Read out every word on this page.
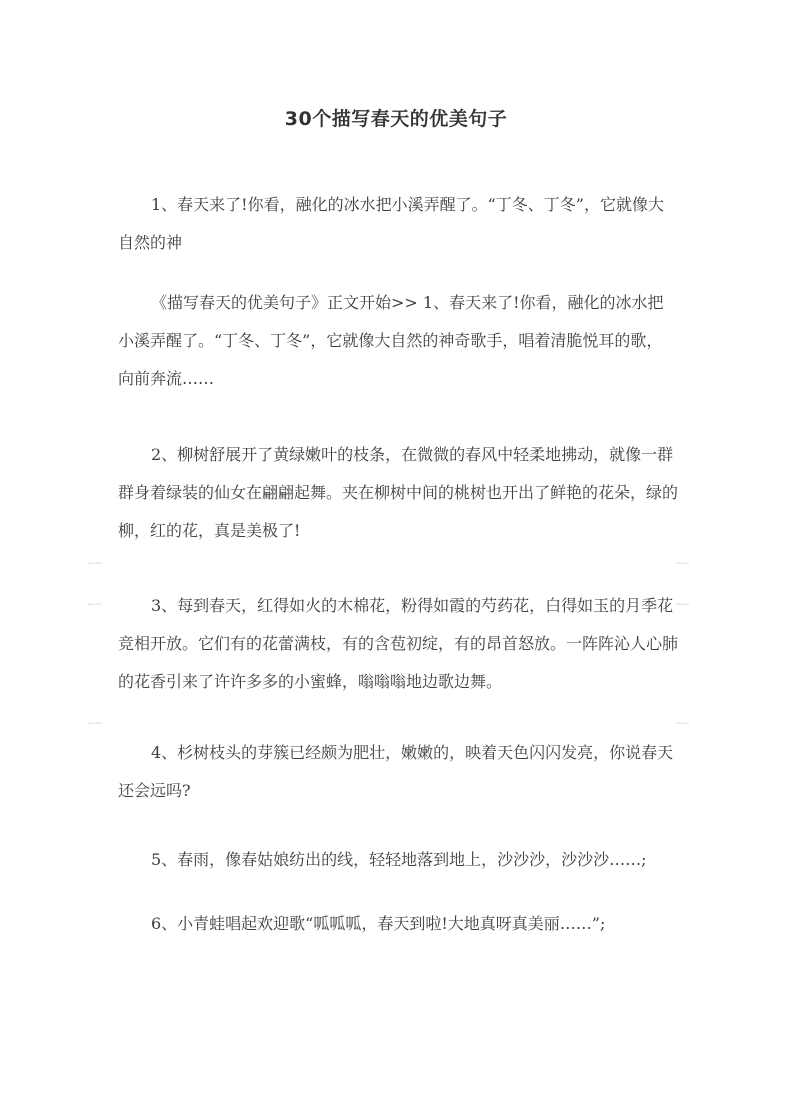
30个描写春天的优美句子

1、春天来了!你看，融化的冰水把小溪弄醒了。“丁冬、丁冬”，它就像大自然的神

《描写春天的优美句子》正文开始>> 1、春天来了!你看，融化的冰水把小溪弄醒了。“丁冬、丁冬”，它就像大自然的神奇歌手，唱着清脆悦耳的歌，向前奔流……

2、柳树舒展开了黄绿嫩叶的枝条，在微微的春风中轻柔地拂动，就像一群群身着绿装的仙女在翩翩起舞。夹在柳树中间的桃树也开出了鲜艳的花朵，绿的柳，红的花，真是美极了!

3、每到春天，红得如火的木棉花，粉得如霞的芍药花，白得如玉的月季花竞相开放。它们有的花蕾满枝，有的含苞初绽，有的昂首怒放。一阵阵沁人心肺的花香引来了许许多多的小蜜蜂，嗡嗡嗡地边歌边舞。

4、杉树枝头的芽簇已经颇为肥壮，嫩嫩的，映着天色闪闪发亮，你说春天还会远吗?

5、春雨，像春姑娘纺出的线，轻轻地落到地上，沙沙沙，沙沙沙……;

6、小青蛙唱起欢迎歌“呱呱呱，春天到啦!大地真呀真美丽……”;

……	……
……	……
……	……
